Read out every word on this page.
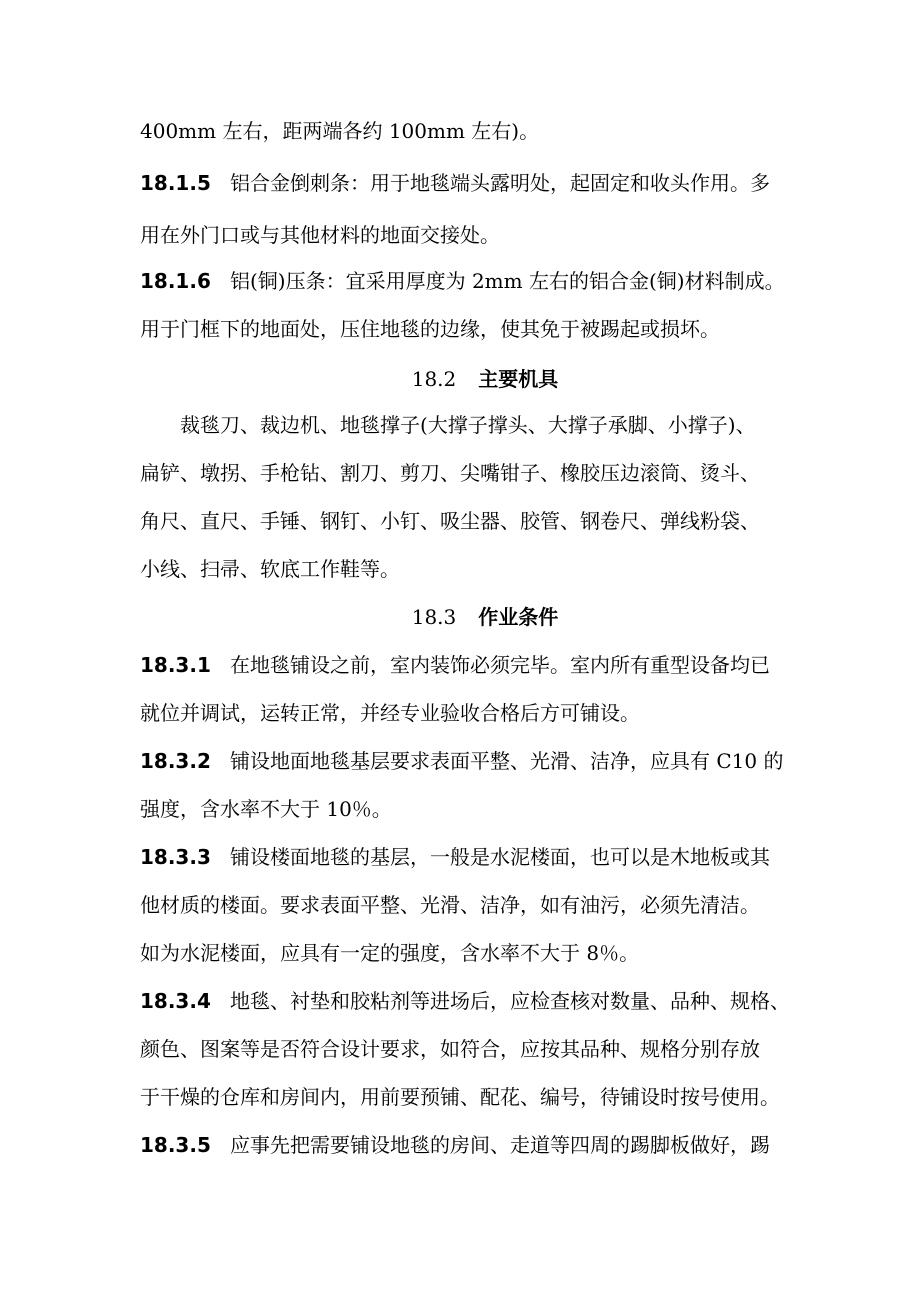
400mm 左右，距两端各约 100mm 左右)。
18.1.5 铝合金倒刺条：用于地毯端头露明处，起固定和收头作用。多
用在外门口或与其他材料的地面交接处。
18.1.6 铝(铜)压条：宜采用厚度为 2mm 左右的铝合金(铜)材料制成。
用于门框下的地面处，压住地毯的边缘，使其免于被踢起或损坏。
18.2 主要机具
裁毯刀、裁边机、地毯撑子(大撑子撑头、大撑子承脚、小撑子)、
扁铲、墩拐、手枪钻、割刀、剪刀、尖嘴钳子、橡胶压边滚筒、烫斗、
角尺、直尺、手锤、钢钉、小钉、吸尘器、胶管、钢卷尺、弹线粉袋、
小线、扫帚、软底工作鞋等。
18.3 作业条件
18.3.1 在地毯铺设之前，室内装饰必须完毕。室内所有重型设备均已
就位并调试，运转正常，并经专业验收合格后方可铺设。
18.3.2 铺设地面地毯基层要求表面平整、光滑、洁净，应具有 C10 的
强度，含水率不大于 10％。
18.3.3 铺设楼面地毯的基层，一般是水泥楼面，也可以是木地板或其
他材质的楼面。要求表面平整、光滑、洁净，如有油污，必须先清洁。
如为水泥楼面，应具有一定的强度，含水率不大于 8％。
18.3.4 地毯、衬垫和胶粘剂等进场后，应检查核对数量、品种、规格、
颜色、图案等是否符合设计要求，如符合，应按其品种、规格分别存放
于干燥的仓库和房间内，用前要预铺、配花、编号，待铺设时按号使用。
18.3.5 应事先把需要铺设地毯的房间、走道等四周的踢脚板做好，踢
